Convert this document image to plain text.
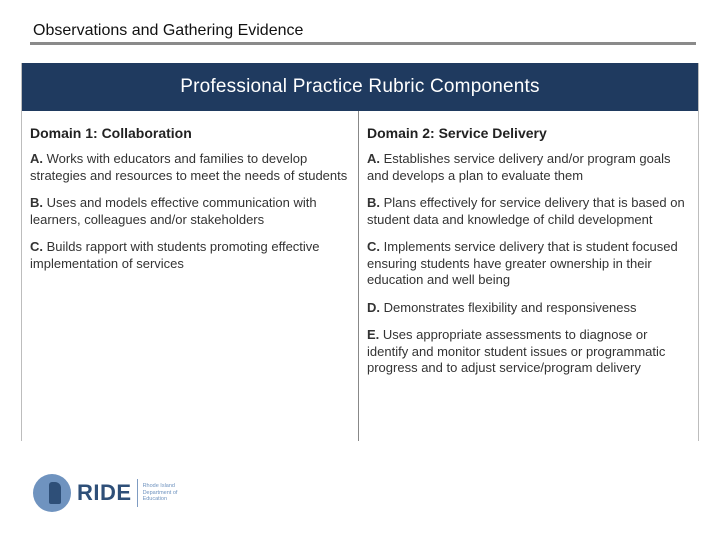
Observations and Gathering Evidence
Professional Practice Rubric Components
Domain 1: Collaboration
A. Works with educators and families to develop strategies and resources to meet the needs of students
B. Uses and models effective communication with learners, colleagues and/or stakeholders
C. Builds rapport with students promoting effective implementation of services
Domain 2: Service Delivery
A. Establishes service delivery and/or program goals and develops a plan to evaluate them
B. Plans effectively for service delivery that is based on student data and knowledge of child development
C. Implements service delivery that is student focused ensuring students have greater ownership in their education and well being
D. Demonstrates flexibility and responsiveness
E. Uses appropriate assessments to diagnose or identify and monitor student issues or programmatic progress and to adjust service/program delivery
RIDE Rhode Island Department of Education
